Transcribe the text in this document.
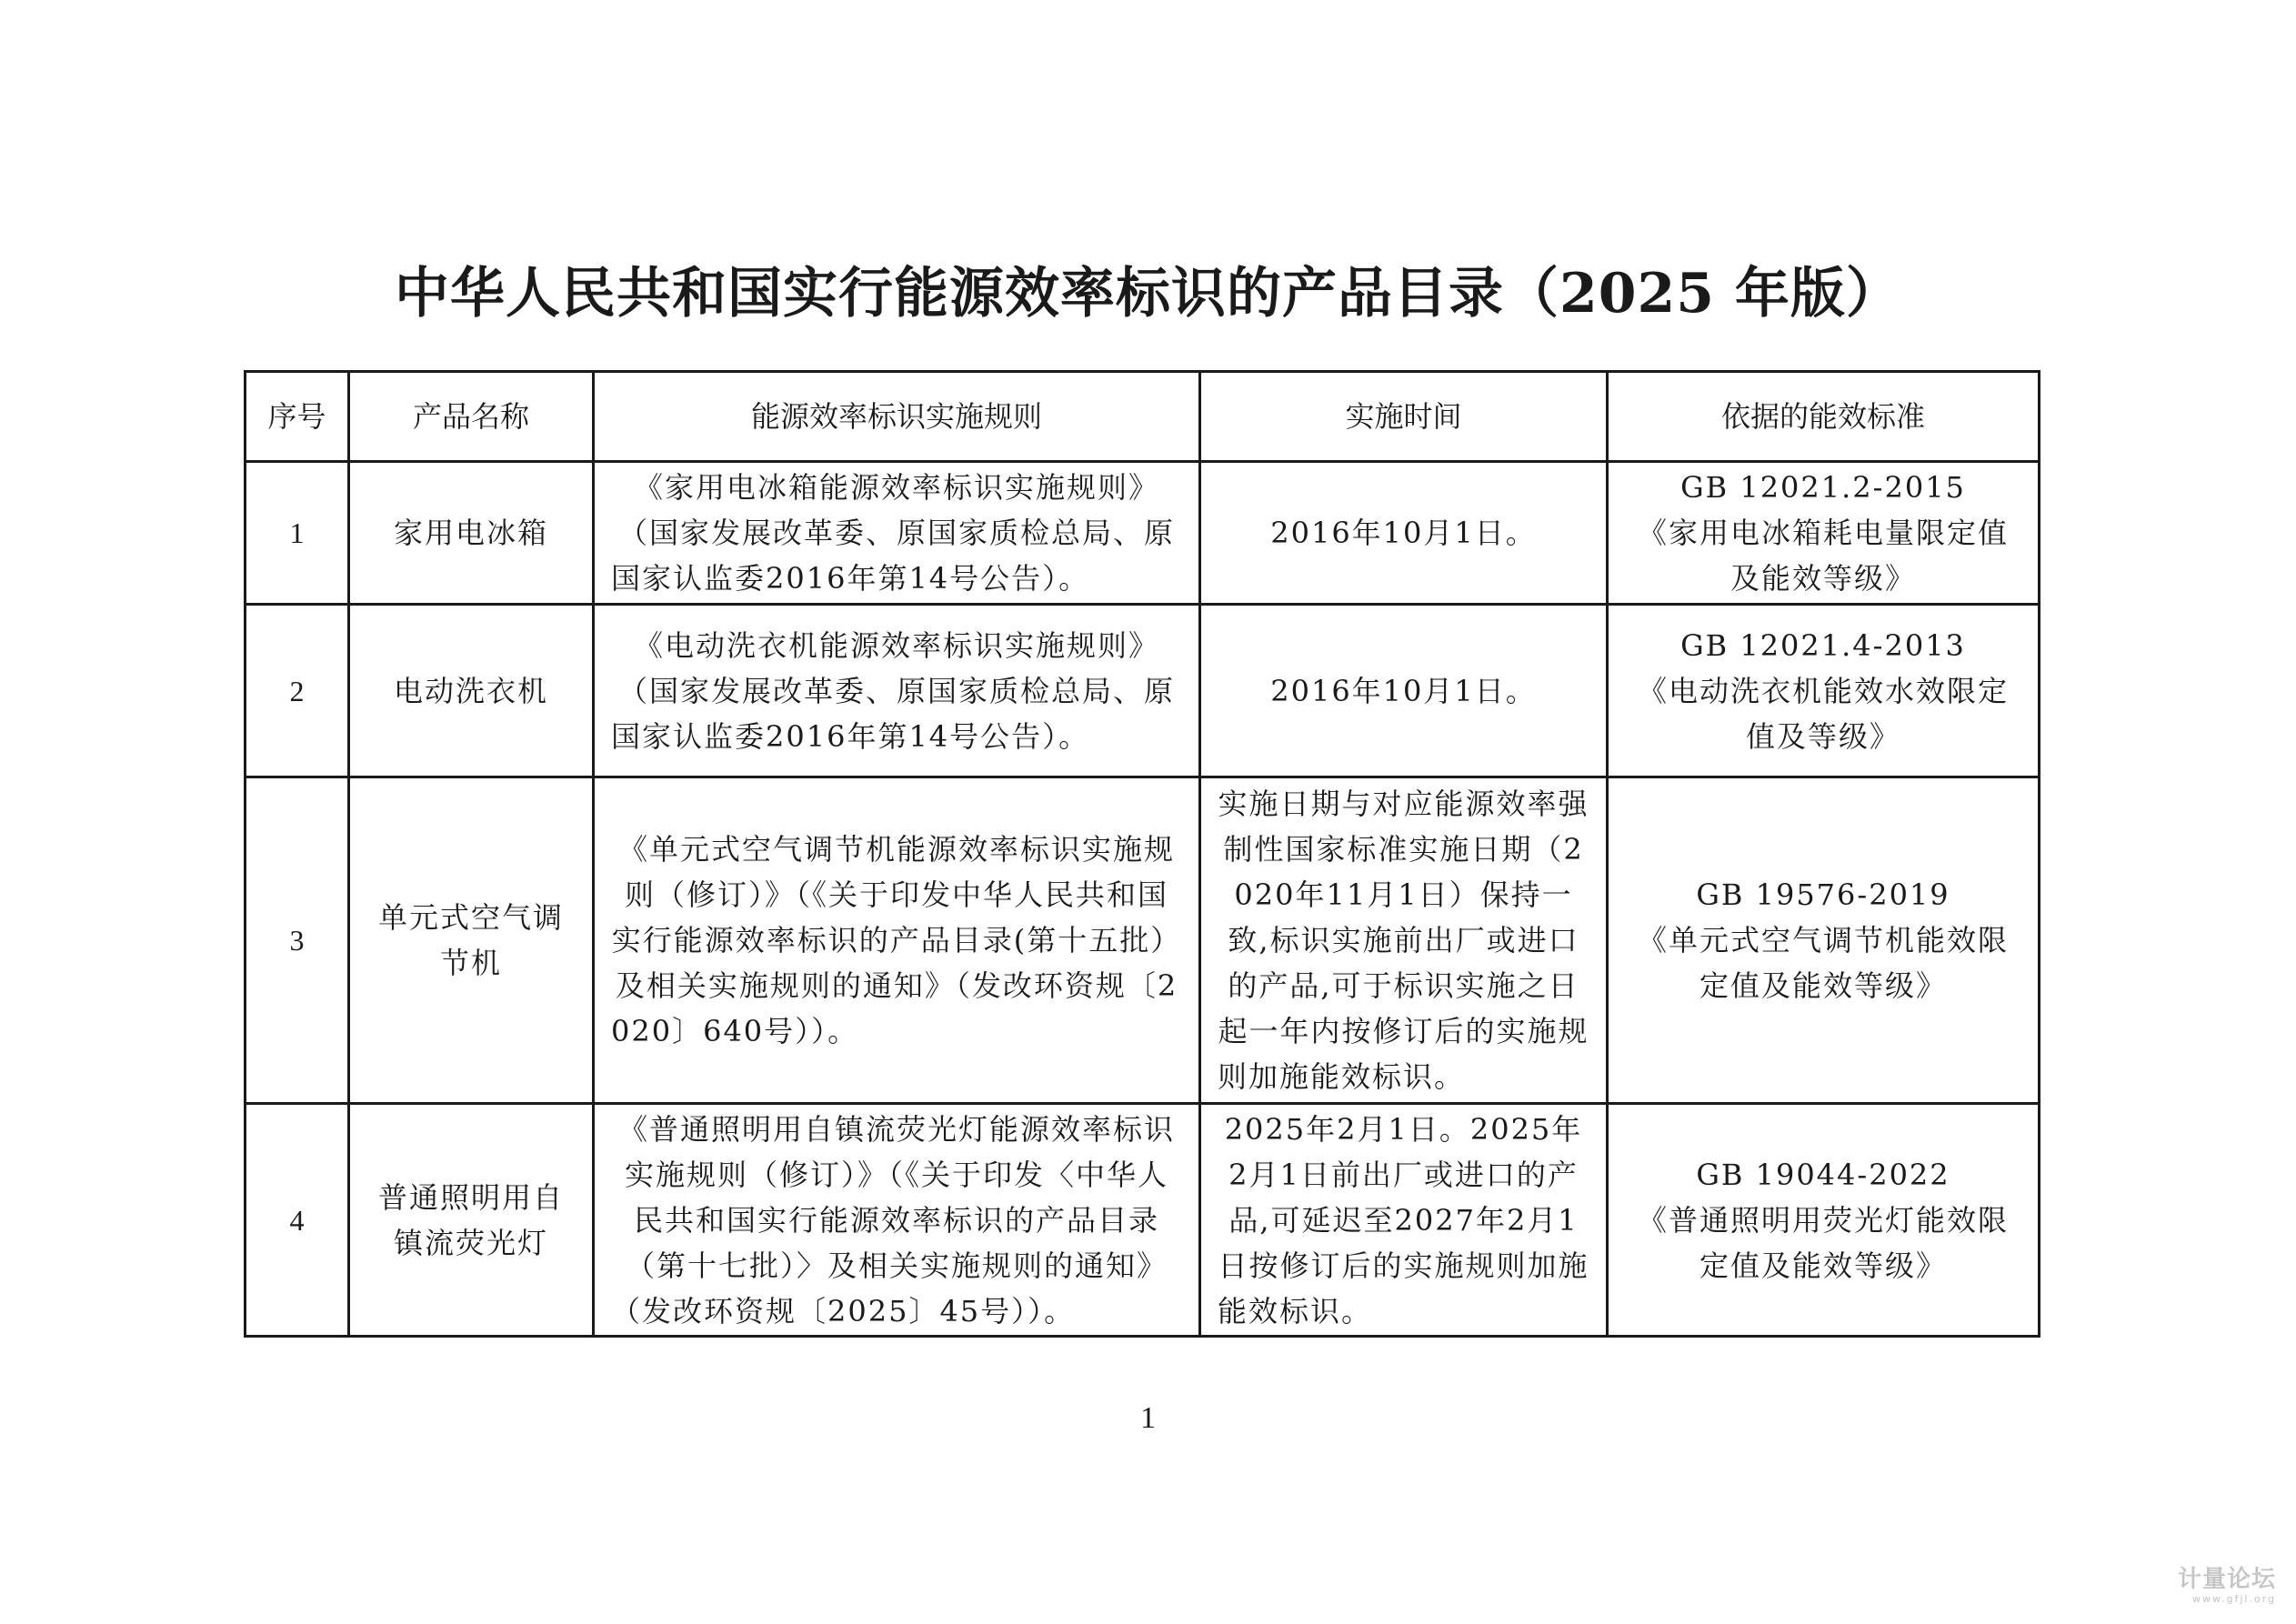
中华人民共和国实行能源效率标识的产品目录（2025 年版）
序号	产品名称	能源效率标识实施规则	实施时间	依据的能效标准
1	家用电冰箱	《家用电冰箱能源效率标识实施规则》（国家发展改革委、原国家质检总局、原国家认监委2016年第14号公告）。	2016年10月1日。	GB 12021.2-2015
《家用电冰箱耗电量限定值及能效等级》

2	电动洗衣机	《电动洗衣机能源效率标识实施规则》（国家发展改革委、原国家质检总局、原国家认监委2016年第14号公告）。	2016年10月1日。	GB 12021.4-2013
《电动洗衣机能效水效限定值及等级》

3	单元式空气调节机	《单元式空气调节机能源效率标识实施规则（修订）》（《关于印发中华人民共和国实行能源效率标识的产品目录(第十五批）及相关实施规则的通知》（发改环资规〔2020〕640号））。	实施日期与对应能源效率强制性国家标准实施日期（2020年11月1日）保持一致,标识实施前出厂或进口的产品,可于标识实施之日起一年内按修订后的实施规则加施能效标识。	GB 19576-2019
《单元式空气调节机能效限定值及能效等级》

4	普通照明用自镇流荧光灯	《普通照明用自镇流荧光灯能源效率标识实施规则（修订）》（《关于印发〈中华人民共和国实行能源效率标识的产品目录（第十七批）〉及相关实施规则的通知》（发改环资规〔2025〕45号））。	2025年2月1日。2025年2月1日前出厂或进口的产品,可延迟至2027年2月1日按修订后的实施规则加施能效标识。	GB 19044-2022
《普通照明用荧光灯能效限定值及能效等级》
1
计量论坛
www.gfjl.org
